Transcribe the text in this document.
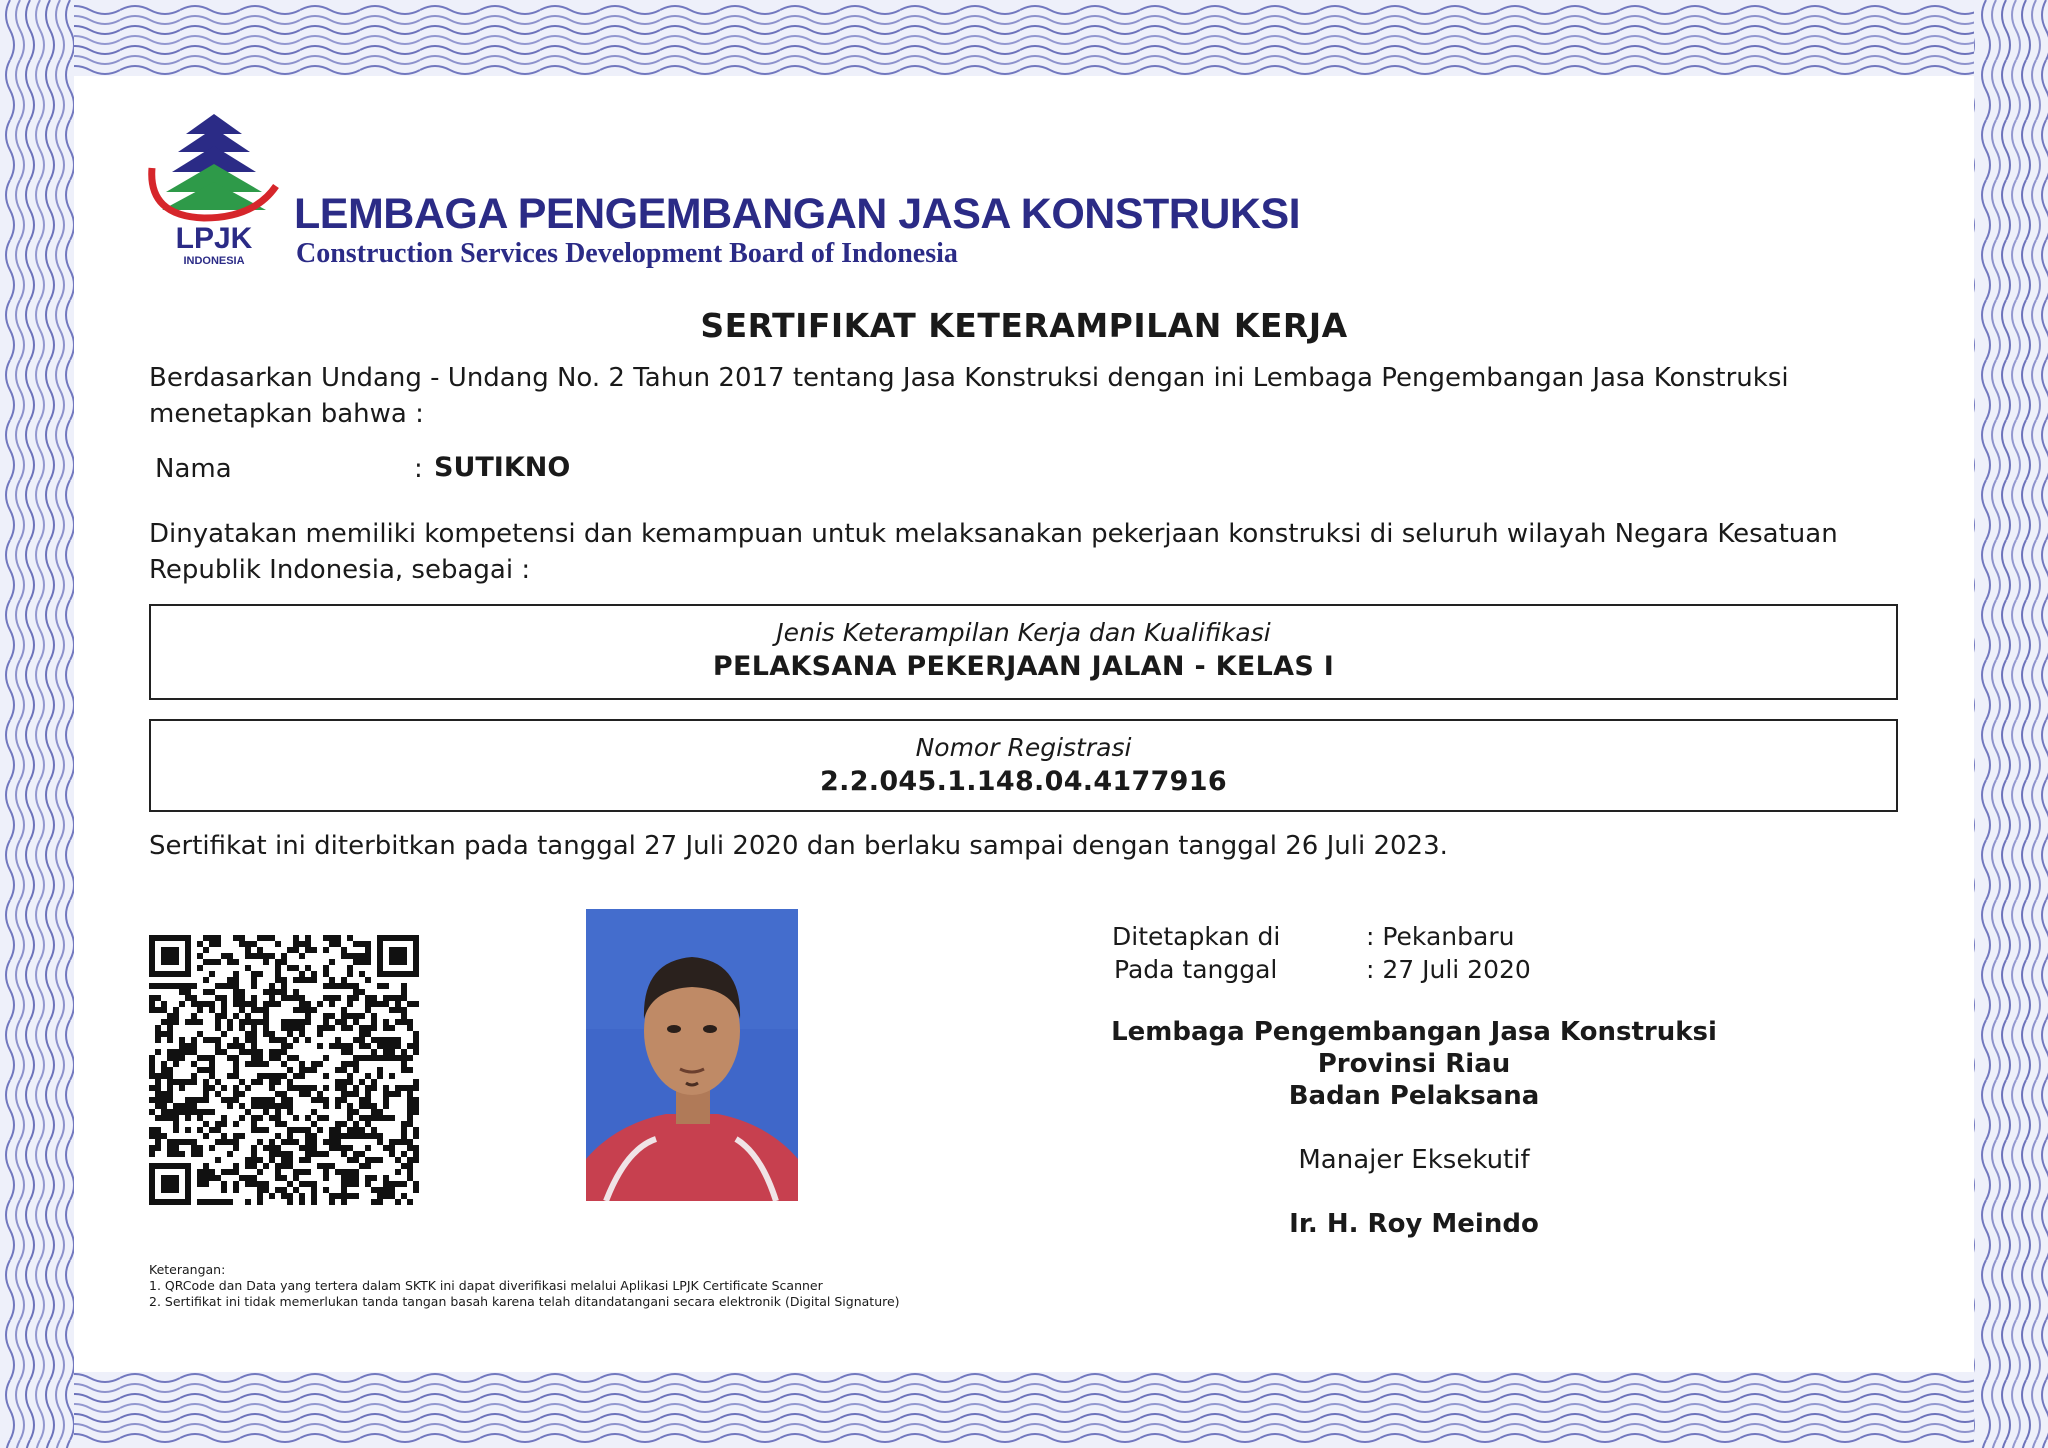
LPJK
INDONESIA
LEMBAGA PENGEMBANGAN JASA KONSTRUKSI
Construction Services Development Board of Indonesia
SERTIFIKAT KETERAMPILAN KERJA
Berdasarkan Undang - Undang No. 2 Tahun 2017 tentang Jasa Konstruksi dengan ini Lembaga Pengembangan Jasa Konstruksi menetapkan bahwa :
Nama	: SUTIKNO
Dinyatakan memiliki kompetensi dan kemampuan untuk melaksanakan pekerjaan konstruksi di seluruh wilayah Negara Kesatuan Republik Indonesia, sebagai :
Jenis Keterampilan Kerja dan Kualifikasi
PELAKSANA PEKERJAAN JALAN - KELAS I
Nomor Registrasi
2.2.045.1.148.04.4177916
Sertifikat ini diterbitkan pada tanggal 27 Juli 2020 dan berlaku sampai dengan tanggal 26 Juli 2023.
Ditetapkan di	: Pekanbaru
Pada tanggal	: 27 Juli 2020
Lembaga Pengembangan Jasa Konstruksi
Provinsi Riau
Badan Pelaksana
Manajer Eksekutif
Ir. H. Roy Meindo
Keterangan:
1. QRCode dan Data yang tertera dalam SKTK ini dapat diverifikasi melalui Aplikasi LPJK Certificate Scanner
2. Sertifikat ini tidak memerlukan tanda tangan basah karena telah ditandatangani secara elektronik (Digital Signature)
